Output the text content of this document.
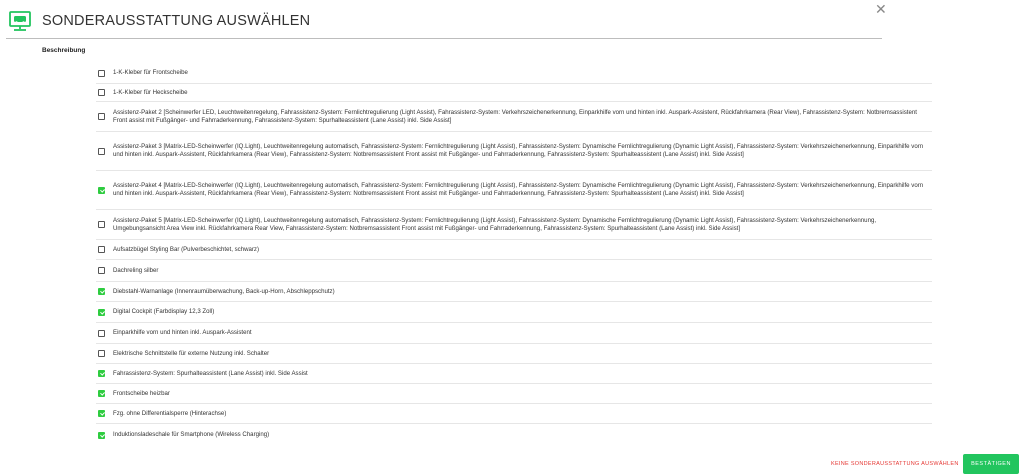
SONDERAUSSTATTUNG AUSWÄHLEN
✕
Beschreibung
1-K-Kleber für Frontscheibe
1-K-Kleber für Heckscheibe
Assistenz-Paket 2 [Scheinwerfer LED, Leuchtweitenregelung, Fahrassistenz-System: Fernlichtregulierung (Light Assist), Fahrassistenz-System: Verkehrszeichenerkennung, Einparkhilfe vorn und hinten inkl. Auspark-Assistent, Rückfahrkamera (Rear View), Fahrassistenz-System: Notbremsassistent Front assist mit Fußgänger- und Fahrraderkennung, Fahrassistenz-System: Spurhalteassistent (Lane Assist) inkl. Side Assist]
Assistenz-Paket 3 [Matrix-LED-Scheinwerfer (IQ.Light), Leuchtweitenregelung automatisch, Fahrassistenz-System: Fernlichtregulierung (Light Assist), Fahrassistenz-System: Dynamische Fernlichtregulierung (Dynamic Light Assist), Fahrassistenz-System: Verkehrszeichenerkennung, Einparkhilfe vorn und hinten inkl. Auspark-Assistent, Rückfahrkamera (Rear View), Fahrassistenz-System: Notbremsassistent Front assist mit Fußgänger- und Fahrraderkennung, Fahrassistenz-System: Spurhalteassistent (Lane Assist) inkl. Side Assist]
Assistenz-Paket 4 [Matrix-LED-Scheinwerfer (IQ.Light), Leuchtweitenregelung automatisch, Fahrassistenz-System: Fernlichtregulierung (Light Assist), Fahrassistenz-System: Dynamische Fernlichtregulierung (Dynamic Light Assist), Fahrassistenz-System: Verkehrszeichenerkennung, Einparkhilfe vorn und hinten inkl. Auspark-Assistent, Rückfahrkamera (Rear View), Fahrassistenz-System: Notbremsassistent Front assist mit Fußgänger- und Fahrraderkennung, Fahrassistenz-System: Spurhalteassistent (Lane Assist) inkl. Side Assist]
Assistenz-Paket 5 [Matrix-LED-Scheinwerfer (IQ.Light), Leuchtweitenregelung automatisch, Fahrassistenz-System: Fernlichtregulierung (Light Assist), Fahrassistenz-System: Dynamische Fernlichtregulierung (Dynamic Light Assist), Fahrassistenz-System: Verkehrszeichenerkennung, Umgebungsansicht Area View inkl. Rückfahrkamera Rear View, Fahrassistenz-System: Notbremsassistent Front assist mit Fußgänger- und Fahrraderkennung, Fahrassistenz-System: Spurhalteassistent (Lane Assist) inkl. Side Assist]
Aufsatzbügel Styling Bar (Pulverbeschichtet, schwarz)
Dachreling silber
Diebstahl-Warnanlage (Innenraumüberwachung, Back-up-Horn, Abschleppschutz)
Digital Cockpit (Farbdisplay 12,3 Zoll)
Einparkhilfe vorn und hinten inkl. Auspark-Assistent
Elektrische Schnittstelle für externe Nutzung inkl. Schalter
Fahrassistenz-System: Spurhalteassistent (Lane Assist) inkl. Side Assist
Frontscheibe heizbar
Fzg. ohne Differentialsperre (Hinterachse)
Induktionsladeschale für Smartphone (Wireless Charging)
KEINE SONDERAUSSTATTUNG AUSWÄHLEN	BESTÄTIGEN
